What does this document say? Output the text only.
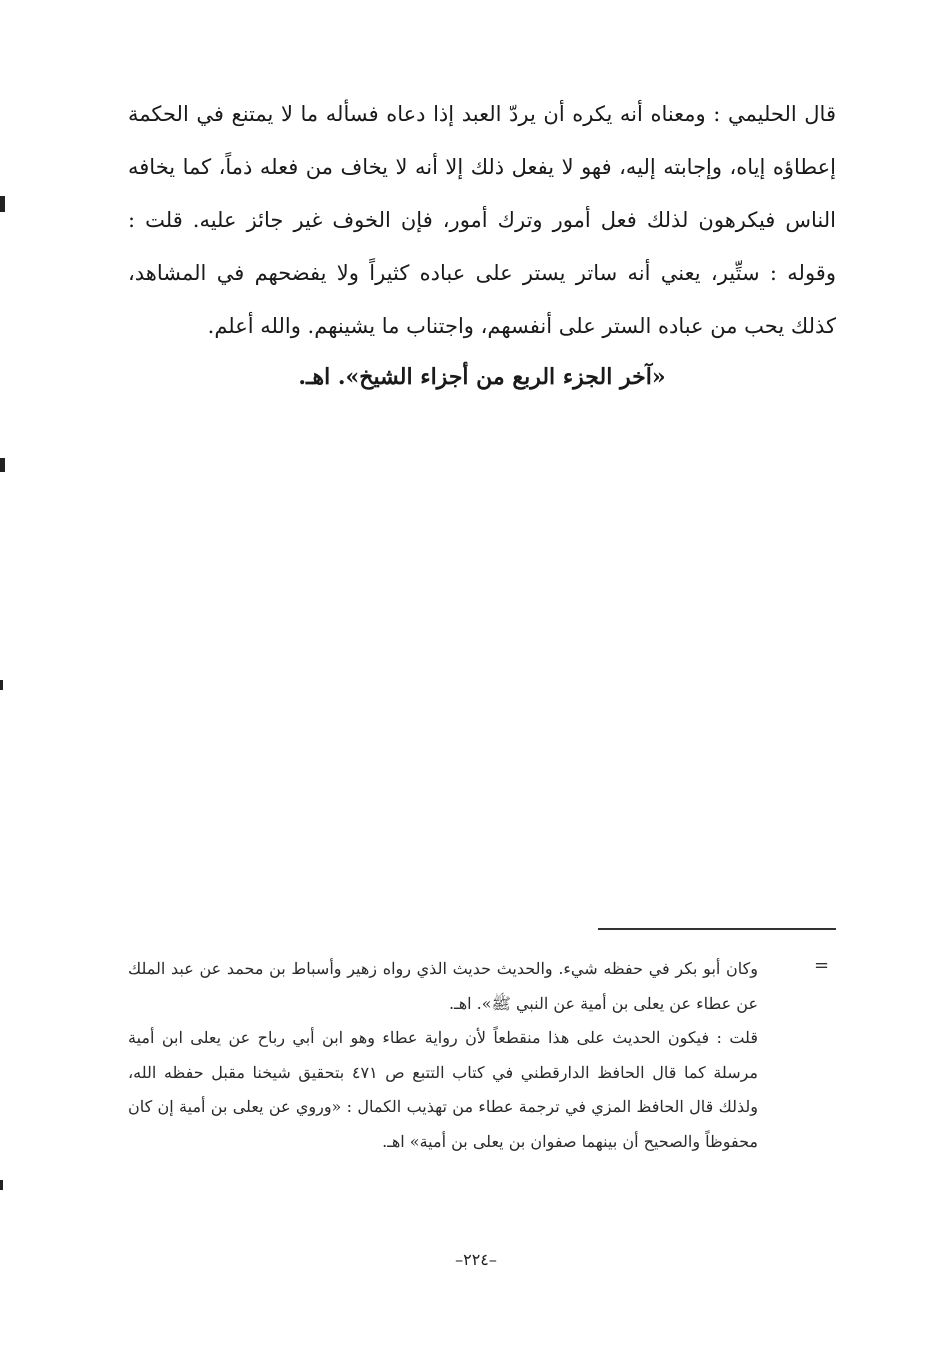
قال الحليمي : ومعناه أنه يكره أن يردّ العبد إذا دعاه فسأله ما لا يمتنع في الحكمة إعطاؤه إياه، وإجابته إليه، فهو لا يفعل ذلك إلا أنه لا يخاف من فعله ذماً، كما يخافه الناس فيكرهون لذلك فعل أمور وترك أمور، فإن الخوف غير جائز عليه. قلت : وقوله : ستِّير، يعني أنه ساتر يستر على عباده كثيراً ولا يفضحهم في المشاهد، كذلك يحب من عباده الستر على أنفسهم، واجتناب ما يشينهم. والله أعلم.

«آخر الجزء الربع من أجزاء الشيخ». اهـ.
=

وكان أبو بكر في حفظه شيء. والحديث حديث الذي رواه زهير وأسباط بن محمد عن عبد الملك عن عطاء عن يعلى بن أمية عن النبي ﷺ». اهـ.

قلت : فيكون الحديث على هذا منقطعاً لأن رواية عطاء وهو ابن أبي رباح عن يعلى ابن أمية مرسلة كما قال الحافظ الدارقطني في كتاب التتبع ص ٤٧١ بتحقيق شيخنا مقبل حفظه الله، ولذلك قال الحافظ المزي في ترجمة عطاء من تهذيب الكمال : «وروي عن يعلى بن أمية إن كان محفوظاً والصحيح أن بينهما صفوان بن يعلى بن أمية» اهـ.

–٢٢٤–
